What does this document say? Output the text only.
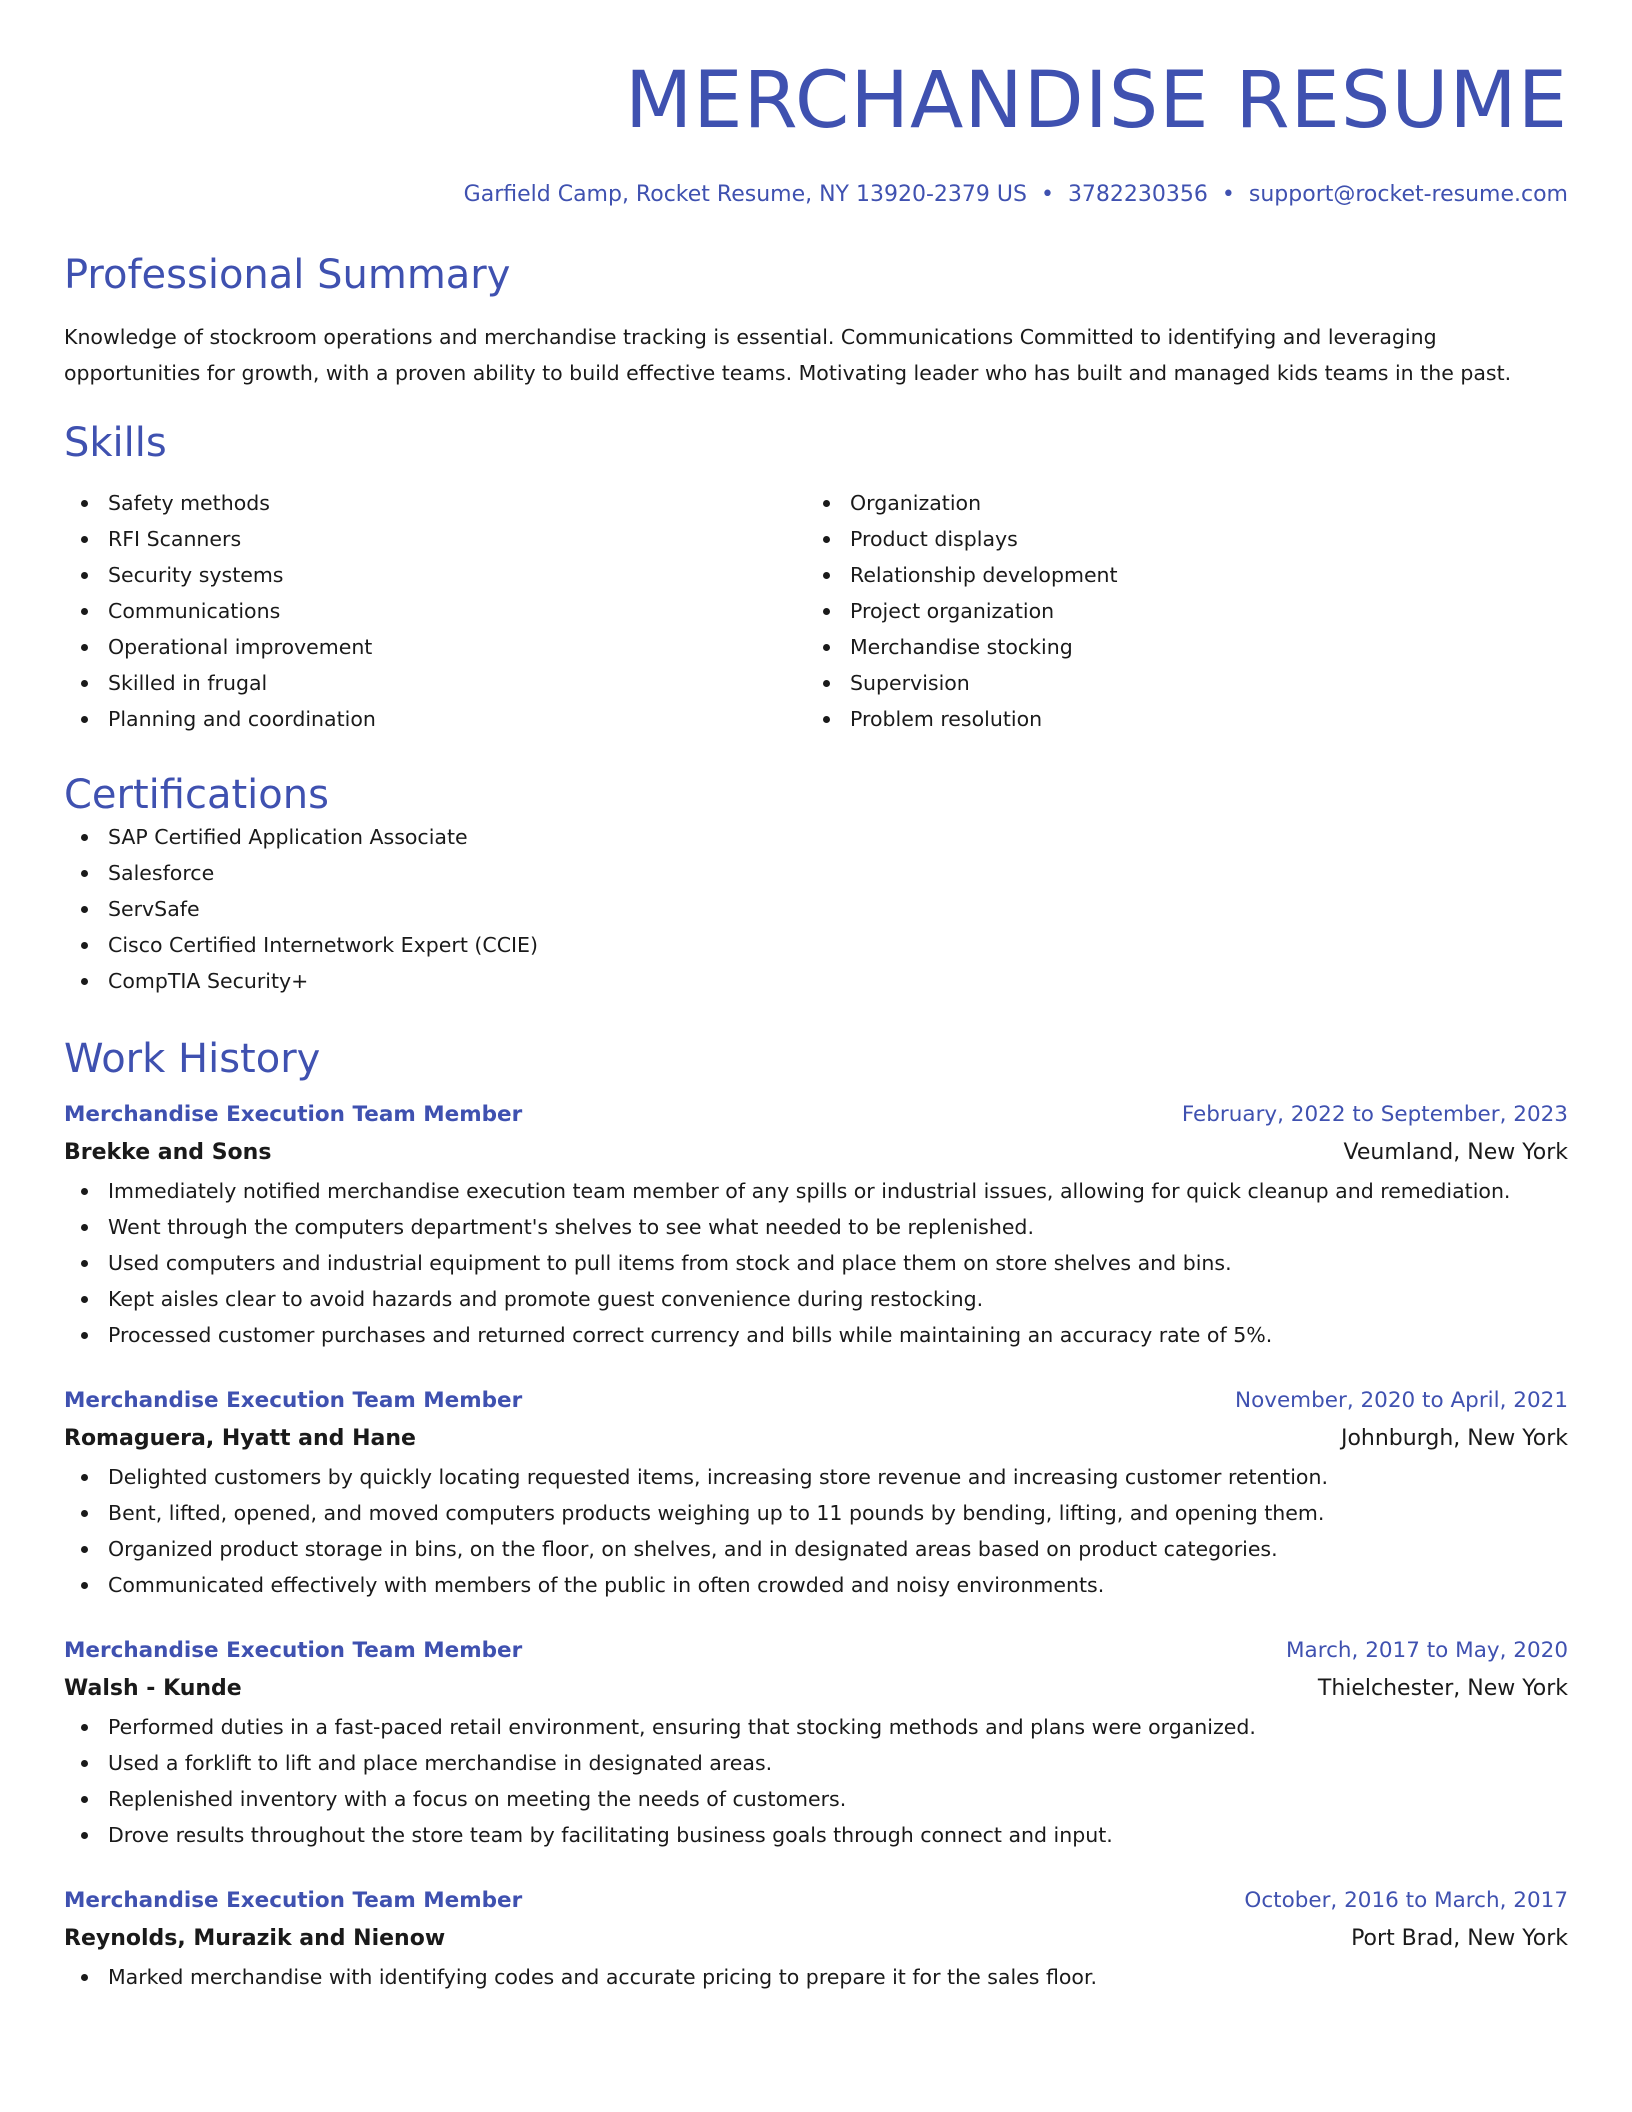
MERCHANDISE RESUME
Garfield Camp, Rocket Resume, NY 13920-2379 US • 3782230356 • support@rocket-resume.com
Professional Summary
Knowledge of stockroom operations and merchandise tracking is essential. Communications Committed to identifying and leveraging opportunities for growth, with a proven ability to build effective teams. Motivating leader who has built and managed kids teams in the past.
Skills
Safety methods
RFI Scanners
Security systems
Communications
Operational improvement
Skilled in frugal
Planning and coordination
Organization
Product displays
Relationship development
Project organization
Merchandise stocking
Supervision
Problem resolution
Certifications
SAP Certified Application Associate
Salesforce
ServSafe
Cisco Certified Internetwork Expert (CCIE)
CompTIA Security+
Work History
Merchandise Execution Team Member	February, 2022 to September, 2023
Brekke and Sons	Veumland, New York
Immediately notified merchandise execution team member of any spills or industrial issues, allowing for quick cleanup and remediation.
Went through the computers department's shelves to see what needed to be replenished.
Used computers and industrial equipment to pull items from stock and place them on store shelves and bins.
Kept aisles clear to avoid hazards and promote guest convenience during restocking.
Processed customer purchases and returned correct currency and bills while maintaining an accuracy rate of 5%.
Merchandise Execution Team Member	November, 2020 to April, 2021
Romaguera, Hyatt and Hane	Johnburgh, New York
Delighted customers by quickly locating requested items, increasing store revenue and increasing customer retention.
Bent, lifted, opened, and moved computers products weighing up to 11 pounds by bending, lifting, and opening them.
Organized product storage in bins, on the floor, on shelves, and in designated areas based on product categories.
Communicated effectively with members of the public in often crowded and noisy environments.
Merchandise Execution Team Member	March, 2017 to May, 2020
Walsh - Kunde	Thielchester, New York
Performed duties in a fast-paced retail environment, ensuring that stocking methods and plans were organized.
Used a forklift to lift and place merchandise in designated areas.
Replenished inventory with a focus on meeting the needs of customers.
Drove results throughout the store team by facilitating business goals through connect and input.
Merchandise Execution Team Member	October, 2016 to March, 2017
Reynolds, Murazik and Nienow	Port Brad, New York
Marked merchandise with identifying codes and accurate pricing to prepare it for the sales floor.
